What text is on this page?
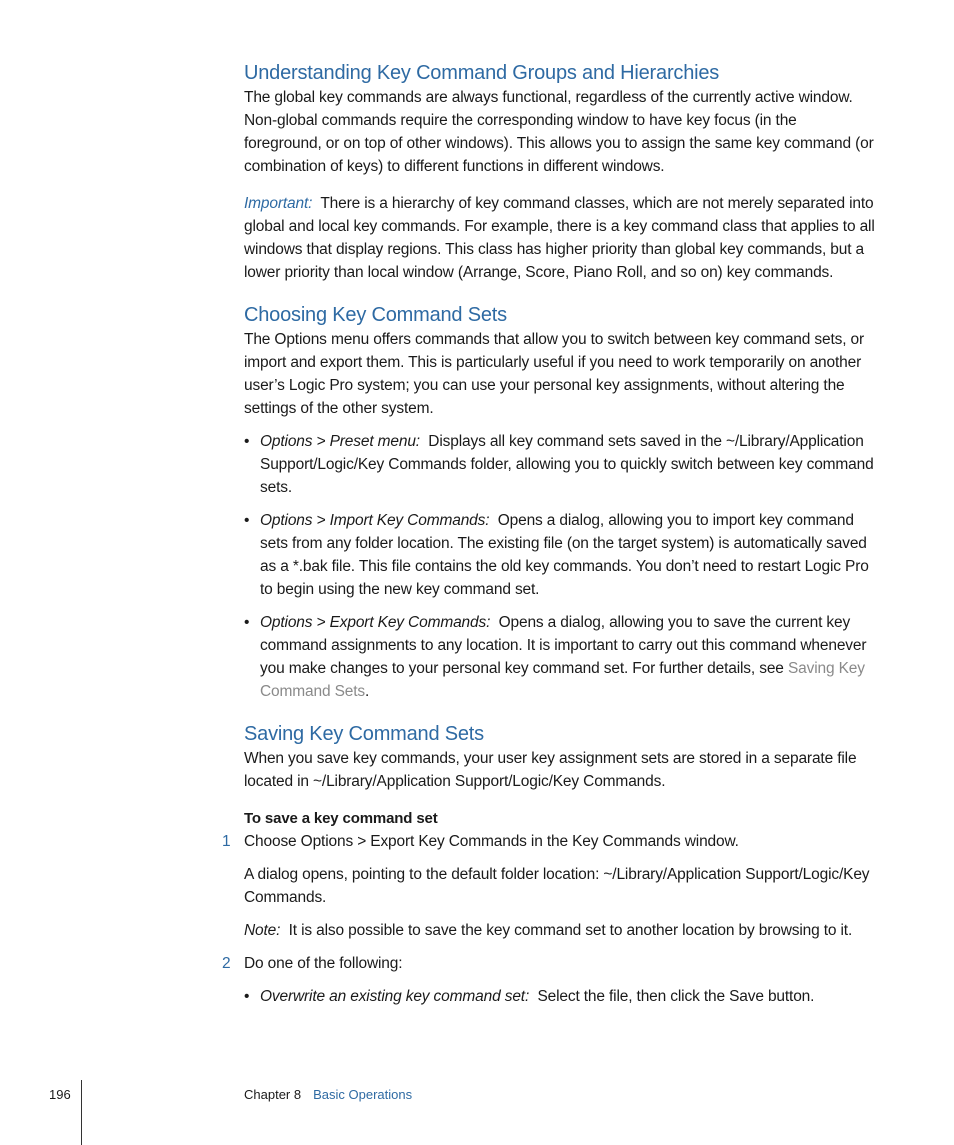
Understanding Key Command Groups and Hierarchies

The global key commands are always functional, regardless of the currently active window. Non-global commands require the corresponding window to have key focus (in the foreground, or on top of other windows). This allows you to assign the same key command (or combination of keys) to different functions in different windows.

Important: There is a hierarchy of key command classes, which are not merely separated into global and local key commands. For example, there is a key command class that applies to all windows that display regions. This class has higher priority than global key commands, but a lower priority than local window (Arrange, Score, Piano Roll, and so on) key commands.

Choosing Key Command Sets

The Options menu offers commands that allow you to switch between key command sets, or import and export them. This is particularly useful if you need to work temporarily on another user’s Logic Pro system; you can use your personal key assignments, without altering the settings of the other system.

• Options > Preset menu: Displays all key command sets saved in the ~/Library/Application Support/Logic/Key Commands folder, allowing you to quickly switch between key command sets.

• Options > Import Key Commands: Opens a dialog, allowing you to import key command sets from any folder location. The existing file (on the target system) is automatically saved as a *.bak file. This file contains the old key commands. You don’t need to restart Logic Pro to begin using the new key command set.

• Options > Export Key Commands: Opens a dialog, allowing you to save the current key command assignments to any location. It is important to carry out this command whenever you make changes to your personal key command set. For further details, see Saving Key Command Sets.

Saving Key Command Sets

When you save key commands, your user key assignment sets are stored in a separate file located in ~/Library/Application Support/Logic/Key Commands.

To save a key command set

1 Choose Options > Export Key Commands in the Key Commands window.

A dialog opens, pointing to the default folder location: ~/Library/Application Support/Logic/Key Commands.

Note: It is also possible to save the key command set to another location by browsing to it.

2 Do one of the following:

• Overwrite an existing key command set: Select the file, then click the Save button.

196	Chapter 8 Basic Operations
